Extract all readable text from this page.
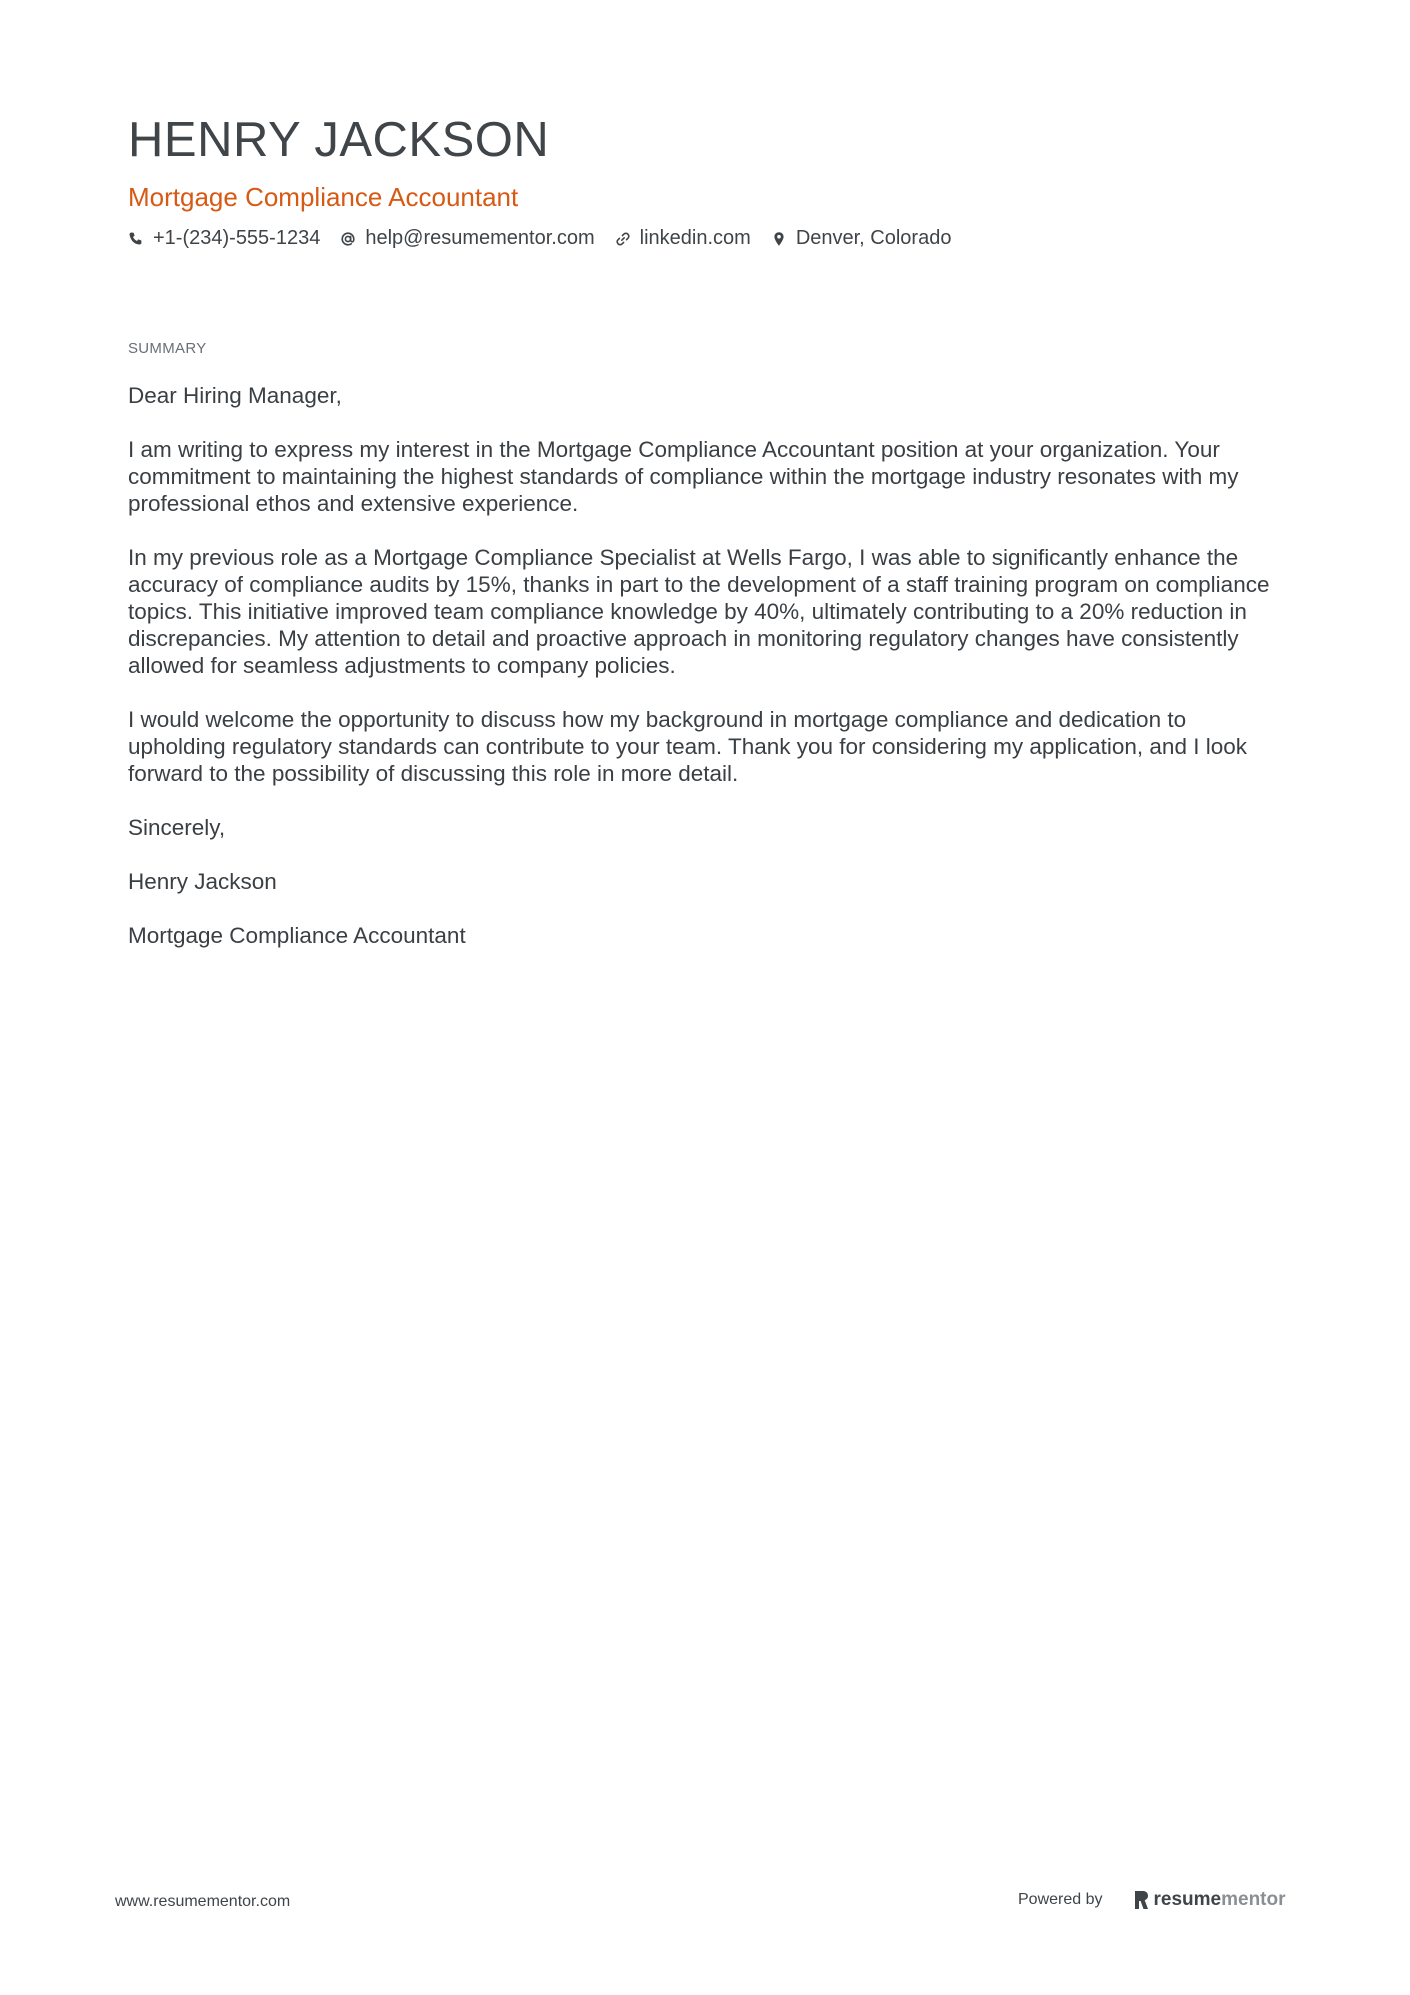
HENRY JACKSON
Mortgage Compliance Accountant
+1-(234)-555-1234 help@resumementor.com linkedin.com Denver, Colorado
SUMMARY

Dear Hiring Manager,

I am writing to express my interest in the Mortgage Compliance Accountant position at your organization. Your commitment to maintaining the highest standards of compliance within the mortgage industry resonates with my professional ethos and extensive experience.

In my previous role as a Mortgage Compliance Specialist at Wells Fargo, I was able to significantly enhance the accuracy of compliance audits by 15%, thanks in part to the development of a staff training program on compliance topics. This initiative improved team compliance knowledge by 40%, ultimately contributing to a 20% reduction in discrepancies. My attention to detail and proactive approach in monitoring regulatory changes have consistently allowed for seamless adjustments to company policies.

I would welcome the opportunity to discuss how my background in mortgage compliance and dedication to upholding regulatory standards can contribute to your team. Thank you for considering my application, and I look forward to the possibility of discussing this role in more detail.

Sincerely,

Henry Jackson

Mortgage Compliance Accountant

www.resumementor.com	Powered by	resume mentor
